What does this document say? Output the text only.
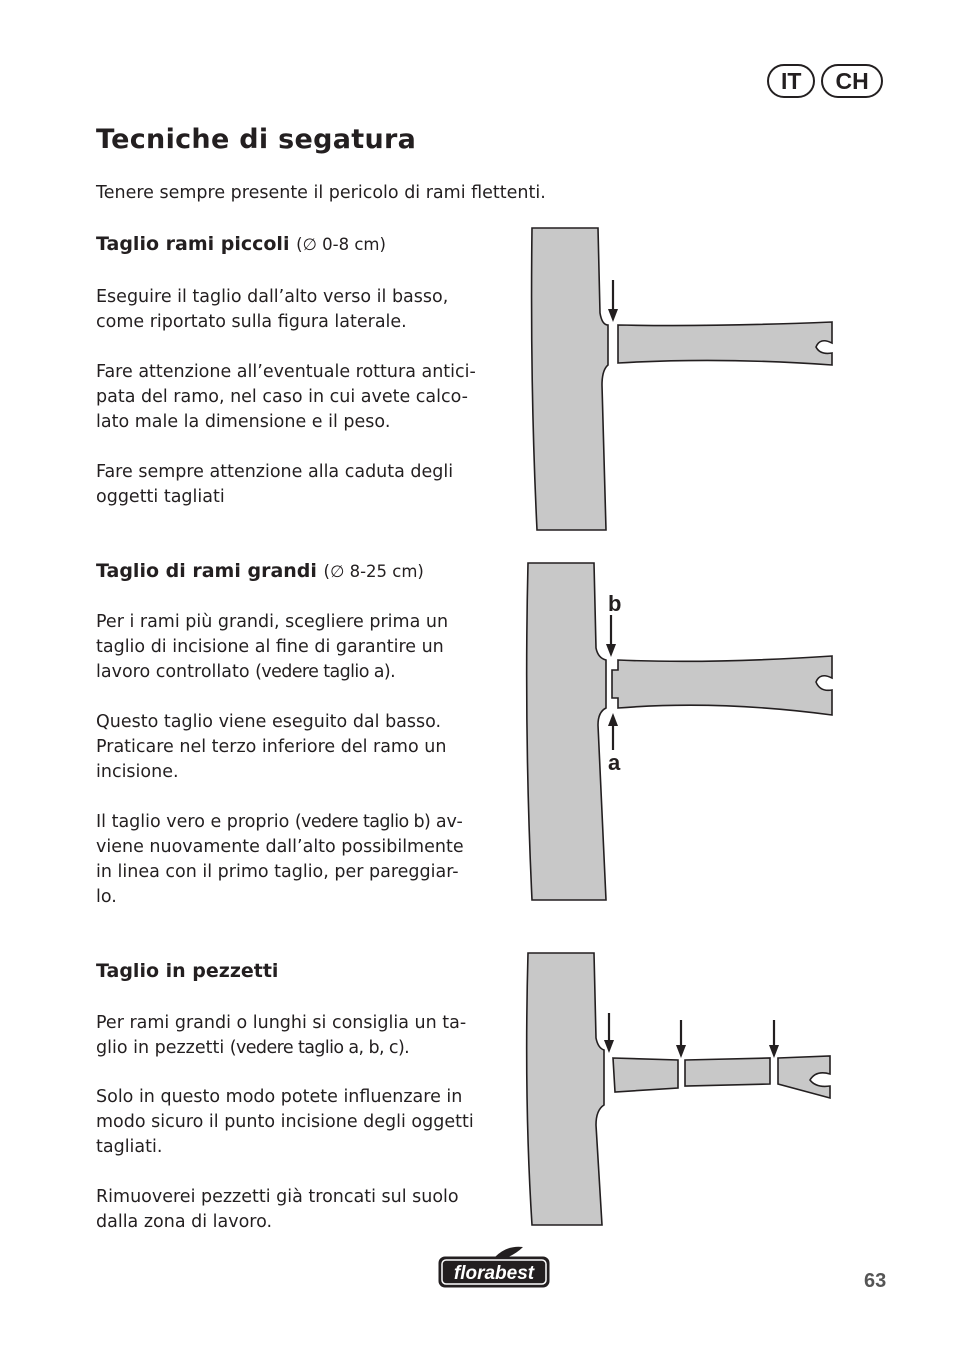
IT	CH
Tecniche di segatura
Tenere sempre presente il pericolo di rami flettenti.
Taglio rami piccoli (∅ 0-8 cm)
Eseguire il taglio dall’alto verso il basso,
come riportato sulla figura laterale.
Fare attenzione all’eventuale rottura antici-
pata del ramo, nel caso in cui avete calco-
lato male la dimensione e il peso.
Fare sempre attenzione alla caduta degli
oggetti tagliati
Taglio di rami grandi (∅ 8-25 cm)
Per i rami più grandi, scegliere prima un
taglio di incisione al fine di garantire un
lavoro controllato (vedere taglio a).
Questo taglio viene eseguito dal basso.
Praticare nel terzo inferiore del ramo un
incisione.
Il taglio vero e proprio (vedere taglio b) av-
viene nuovamente dall’alto possibilmente
in linea con il primo taglio, per pareggiar-
lo.
Taglio in pezzetti
Per rami grandi o lunghi si consiglia un ta-
glio in pezzetti (vedere taglio a, b, c).
Solo in questo modo potete influenzare in
modo sicuro il punto incisione degli oggetti
tagliati.
Rimuoverei pezzetti già troncati sul suolo
dalla zona di lavoro.
b
a
florabest	63
